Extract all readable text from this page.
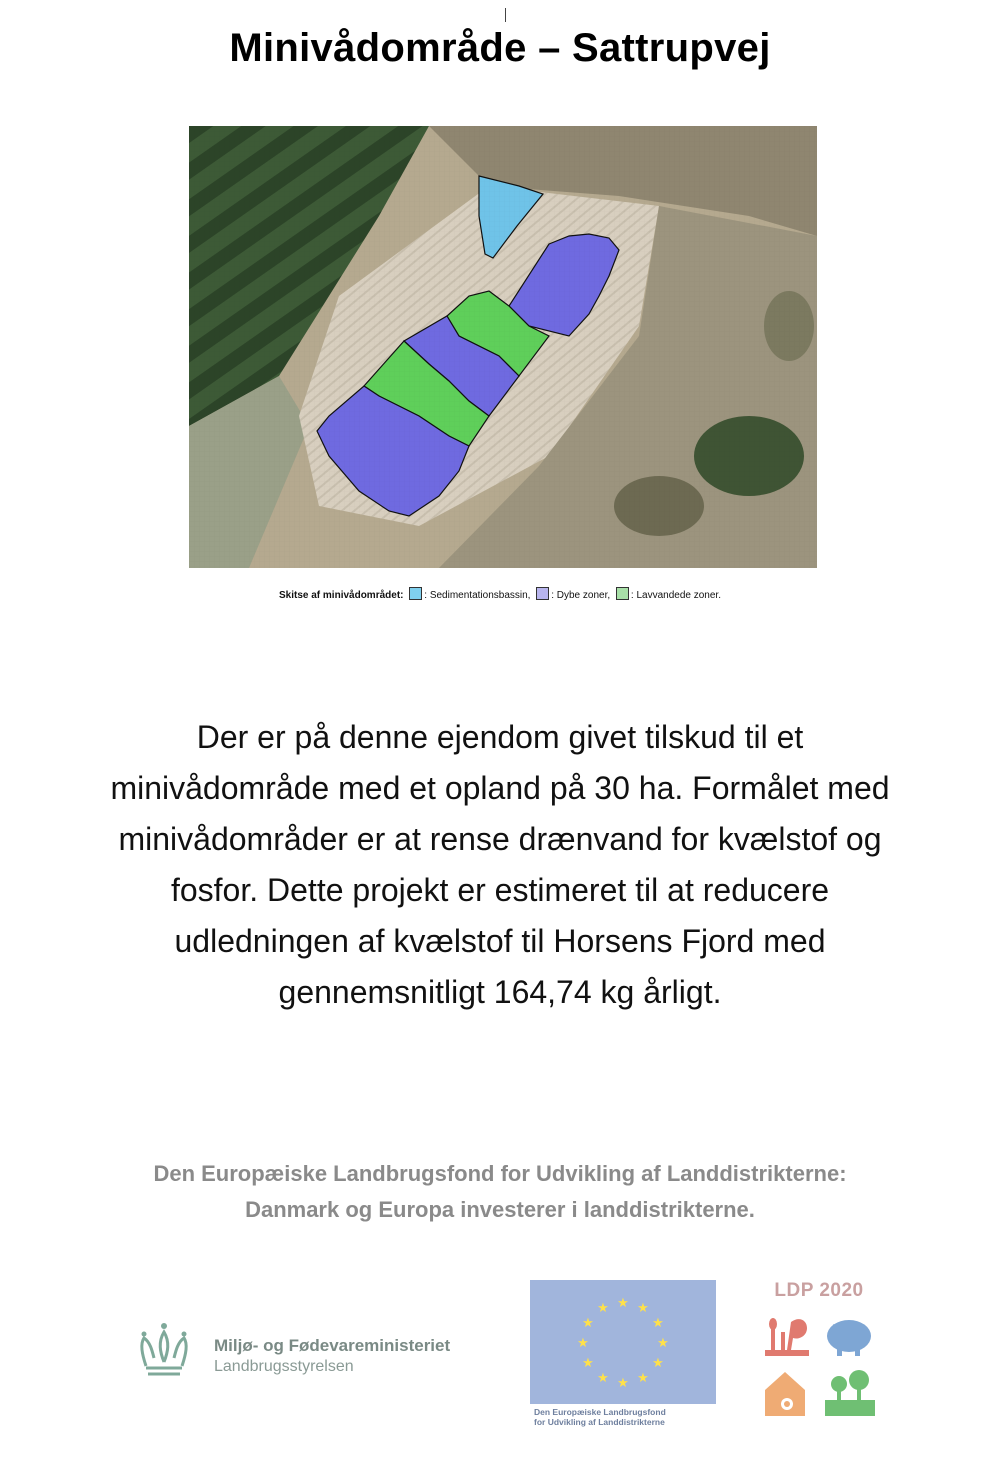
Minivådområde – Sattrupvej
Skitse af minivådområdet: : Sedimentationsbassin, : Dybe zoner, : Lavvandede zoner.
Der er på denne ejendom givet tilskud til et
minivådområde med et opland på 30 ha. Formålet med
minivådområder er at rense drænvand for kvælstof og
fosfor. Dette projekt er estimeret til at reducere
udledningen af kvælstof til Horsens Fjord med
gennemsnitligt 164,74 kg årligt.
Den Europæiske Landbrugsfond for Udvikling af Landdistrikterne:
Danmark og Europa investerer i landdistrikterne.
Miljø- og Fødevareministeriet
Landbrugsstyrelsen
★ ★
★
★
★
★
★
★
★
★
★
★
Den Europæiske Landbrugsfond
for Udvikling af Landdistrikterne
LDP 2020
